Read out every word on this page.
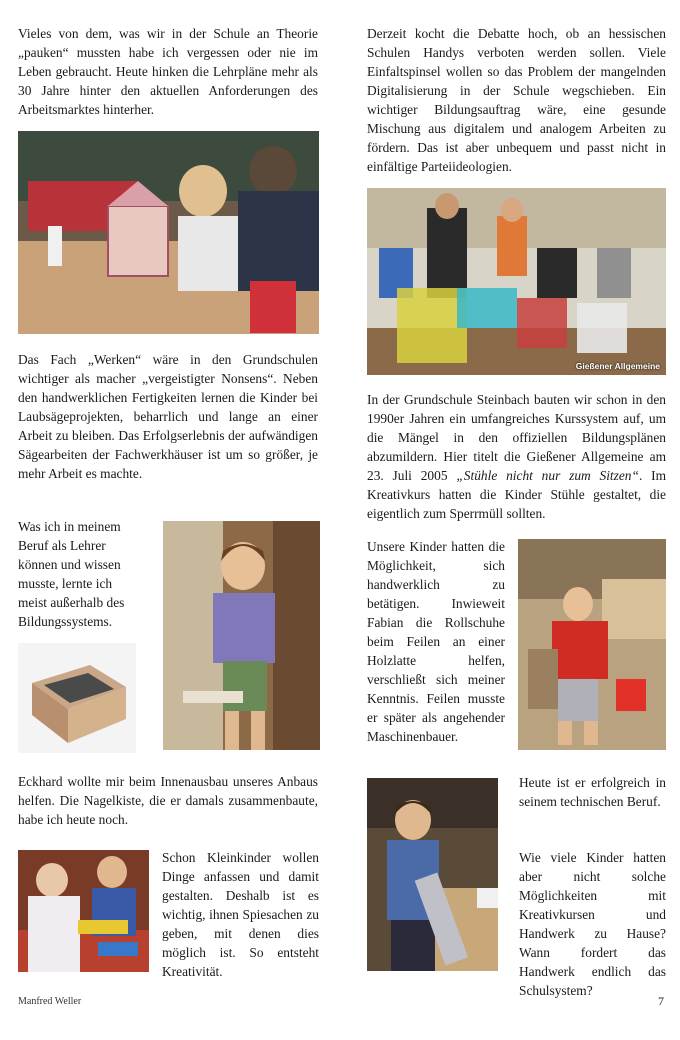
Vieles von dem, was wir in der Schule an Theorie „pauken“ mussten habe ich vergessen oder nie im Leben gebraucht. Heute hinken die Lehrpläne mehr als 30 Jahre hinter den aktuellen Anforderungen des Arbeitsmarktes hinterher.

Das Fach „Werken“ wäre in den Grundschulen wichtiger als macher „vergeistigter Nonsens“. Neben den handwerklichen Fertigkeiten lernen die Kinder bei Laubsägeprojekten, beharrlich und lange an einer Arbeit zu bleiben. Das Erfolgserlebnis der aufwändigen Sägearbeiten der Fachwerkhäuser ist um so größer, je mehr Arbeit es machte.

Was ich in meinem Beruf als Lehrer können und wissen musste, lernte ich meist außerhalb des Bildungssystems.

Eckhard wollte mir beim Innenausbau unseres Anbaus helfen. Die Nagelkiste, die er damals zusammenbaute, habe ich heute noch.

Schon Kleinkinder wollen Dinge anfassen und damit gestalten. Deshalb ist es wichtig, ihnen Spiesachen zu geben, mit denen dies möglich ist. So entsteht Kreativität.

Derzeit kocht die Debatte hoch, ob an hessischen Schulen Handys verboten werden sollen. Viele Einfaltspinsel wollen so das Problem der mangelnden Digitalisierung in der Schule wegschieben. Ein wichtiger Bildungsauftrag wäre, eine gesunde Mischung aus digitalem und analogem Arbeiten zu fördern. Das ist aber unbequem und passt nicht in einfältige Parteiideologien.

Gießener Allgemeine

In der Grundschule Steinbach bauten wir schon in den 1990er Jahren ein umfangreiches Kurssystem auf, um die Mängel in den offiziellen Bildungsplänen abzumildern. Hier titelt die Gießener Allgemeine am 23. Juli 2005 „Stühle nicht nur zum Sitzen“. Im Kreativkurs hatten die Kinder Stühle gestaltet, die eigentlich zum Sperrmüll sollten.

Unsere Kinder hatten die Möglichkeit, sich handwerklich zu betätigen. Inwieweit Fabian die Rollschuhe beim Feilen an einer Holzlatte helfen, verschließt sich meiner Kenntnis. Feilen musste er später als angehender Maschinenbauer.

Heute ist er erfolgreich in seinem technischen Beruf.

Wie viele Kinder hatten aber nicht solche Möglichkeiten mit Kreativkursen und Handwerk zu Hause? Wann fordert das Handwerk endlich das Schulsystem?

Manfred Weller	7
